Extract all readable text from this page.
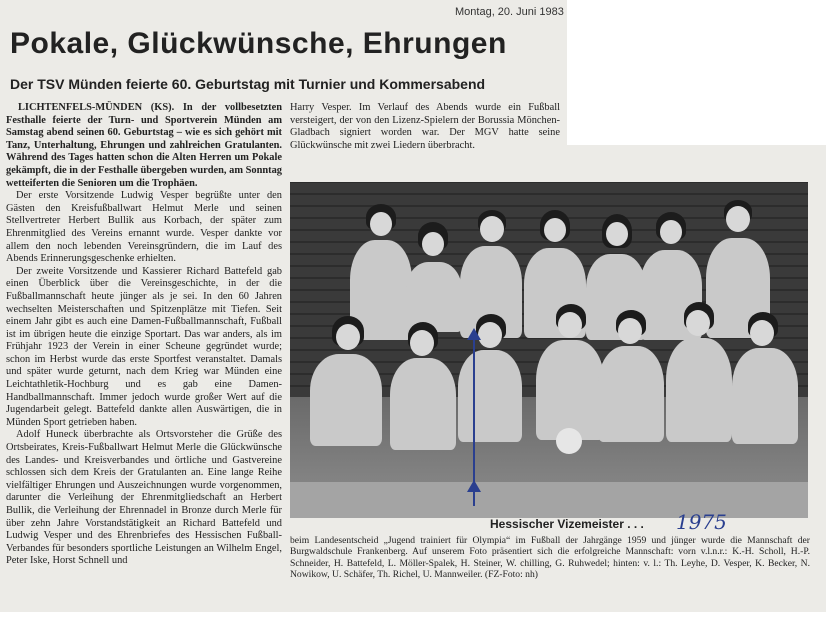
Montag, 20. Juni 1983
Pokale, Glückwünsche, Ehrungen
Der TSV Münden feierte 60. Geburtstag mit Turnier und Kommersabend

LICHTENFELS-MÜNDEN (KS). In der vollbesetzten Festhalle feierte der Turn- und Sportverein Münden am Samstag abend seinen 60. Geburtstag – wie es sich gehört mit Tanz, Unterhaltung, Ehrungen und zahlreichen Gratulanten. Während des Tages hatten schon die Alten Herren um Pokale gekämpft, die in der Festhalle übergeben wurden, am Sonntag wetteiferten die Senioren um die Trophäen.

Der erste Vorsitzende Ludwig Vesper begrüßte unter den Gästen den Kreisfußballwart Helmut Merle und seinen Stellvertreter Herbert Bullik aus Korbach, der später zum Ehrenmitglied des Vereins ernannt wurde. Vesper dankte vor allem den noch lebenden Vereinsgründern, die im Lauf des Abends Erinnerungsgeschenke erhielten.

Der zweite Vorsitzende und Kassierer Richard Battefeld gab einen Überblick über die Vereinsgeschichte, in der die Fußballmannschaft heute jünger als je sei. In den 60 Jahren wechselten Meisterschaften und Spitzenplätze mit Tiefen. Seit einem Jahr gibt es auch eine Damen-Fußballmannschaft, Fußball ist im übrigen heute die einzige Sportart. Das war anders, als im Frühjahr 1923 der Verein in einer Scheune gegründet wurde; schon im Herbst wurde das erste Sportfest veranstaltet. Damals und später wurde geturnt, nach dem Krieg war Münden eine Leichtathletik-Hochburg und es gab eine Damen-Handballmannschaft. Immer jedoch wurde großer Wert auf die Jugendarbeit gelegt. Battefeld dankte allen Auswärtigen, die in Münden Sport getrieben haben.

Adolf Huneck überbrachte als Ortsvorsteher die Grüße des Ortsbeirates, Kreis-Fußballwart Helmut Merle die Glückwünsche des Landes- und Kreisverbandes und örtliche und Gastvereine schlossen sich dem Kreis der Gratulanten an. Eine lange Reihe vielfältiger Ehrungen und Auszeichnungen wurde vorgenommen, darunter die Verleihung der Ehrenmitgliedschaft an Herbert Bullik, die Verleihung der Ehrennadel in Bronze durch Merle für über zehn Jahre Vorstandstätigkeit an Richard Battefeld und Ludwig Vesper und des Ehrenbriefes des Hessischen Fußball-Verbandes für besonders sportliche Leistungen an Wilhelm Engel, Peter Iske, Horst Schnell und

Harry Vesper. Im Verlauf des Abends wurde ein Fußball versteigert, der von den Lizenz-Spielern der Borussia Mönchen-Gladbach signiert worden war. Der MGV hatte seine Glückwünsche mit zwei Liedern überbracht.

Hessischer Vizemeister . . . 1975
beim Landesentscheid „Jugend trainiert für Olympia“ im Fußball der Jahrgänge 1959 und jünger wurde die Mannschaft der Burgwaldschule Frankenberg. Auf unserem Foto präsentiert sich die erfolgreiche Mannschaft: vorn v.l.n.r.: K.-H. Scholl, H.-P. Schneider, H. Battefeld, L. Möller-Spalek, H. Steiner, W. chilling, G. Ruhwedel; hinten: v. l.: Th. Leyhe, D. Vesper, K. Becker, N. Nowikow, U. Schäfer, Th. Richel, U. Mannweiler. (FZ-Foto: nh)
